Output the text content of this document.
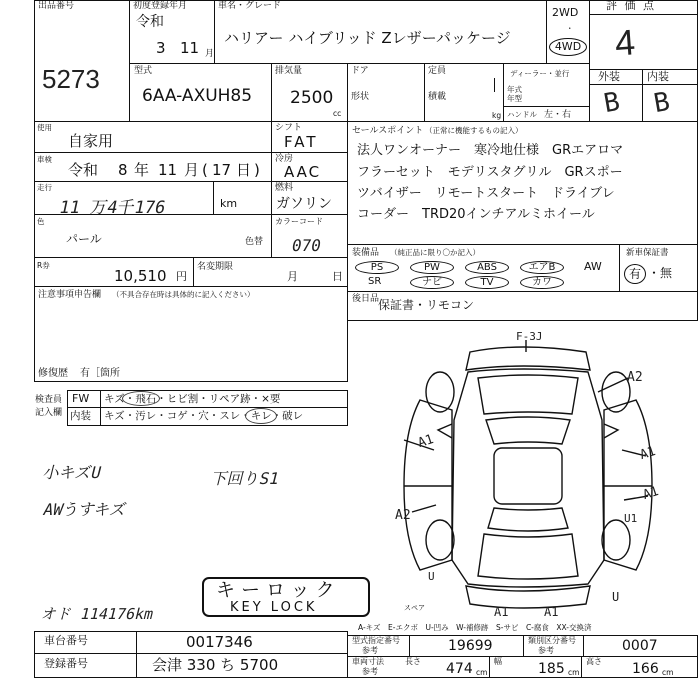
出品番号
5273
初度登録年月
令和
3 11 月
車名・グレード
ハリアー ハイブリッド Zレザーパッケージ
2WD
・
4WD
評 価 点
4
型式
6AA-AXUH85
排気量
2500
cc
ドア
形状
定員
積載
kg
ディーラー・並行
年式
年型
ハンドル 左・右
外装 内装
B B
使用
自家用
シフト
FAT
車検
令和 8 年 11 月 ( 17 日 )
冷房
AAC
走行
11 万4千176	km
燃料
ガソリン
色
パール	色替
カラーコード
070
R券
10,510 円
名変期限
月	日
注意事項申告欄 （不具合存在時は具体的に記入ください）
修復歴 有［箇所
セールスポイント （正常に機能するもの記入）
法人ワンオーナー　寒冷地仕様　GRエアロマ
フラーセット　モデリスタグリル　GRスポー
ツバイザー　リモートスタート　ドライブレ
コーダー　TRD20インチアルミホイール
装備品 （純正品に限り〇か記入）
PS	PW	ABS	エアB	AW
SR	ナビ	TV	カワ
新車保証書
有 ・無
後日品
保証書・リモコン
検査員
記入欄
FW キズ・飛石・ヒビ割・リペア跡・×要
内装 キズ・汚レ・コゲ・穴・スレ・キレ・破レ
小キズU
AWうすキズ
下回りS1
オド 114176km
キーロック
KEY LOCK	スペア
F-3J
A2
A1
A1
A1
A2
A1	A1
U
U
U1
A-キズ　E-エクボ　U-凹み　W-補修跡　S-サビ　C-腐食　XX-交換済
車台番号	0017346
登録番号	会津 330 ち 5700
型式指定番号
参考	19699	類別区分番号
参考	0007
車両寸法
参考
長さ 474 cm
幅	185 cm
高さ 166 cm
